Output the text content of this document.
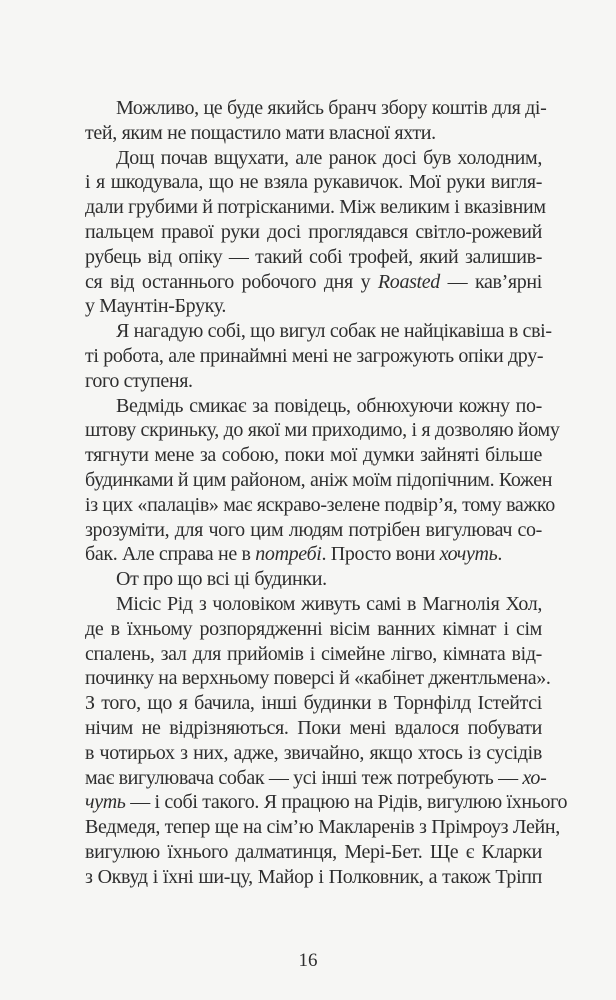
Можливо, це буде якийсь бранч збору коштів для ді-
тей, яким не пощастило мати власної яхти.
Дощ почав вщухати, але ранок досі був холодним,
і я шкодувала, що не взяла рукавичок. Мої руки вигля-
дали грубими й потрісканими. Між великим і вказівним
пальцем правої руки досі проглядався світло-рожевий
рубець від опіку — такий собі трофей, який залишив-
ся від останнього робочого дня у Roasted — кав’ярні
у Маунтін-Бруку.
Я нагадую собі, що вигул собак не найцікавіша в сві-
ті робота, але принаймні мені не загрожують опіки дру-
гого ступеня.
Ведмідь смикає за повідець, обнюхуючи кожну по-
штову скриньку, до якої ми приходимо, і я дозволяю йому
тягнути мене за собою, поки мої думки зайняті більше
будинками й цим районом, аніж моїм підопічним. Кожен
із цих «палаців» має яскраво-зелене подвір’я, тому важко
зрозуміти, для чого цим людям потрібен вигулювач со-
бак. Але справа не в потребі. Просто вони хочуть.
От про що всі ці будинки.
Місіс Рід з чоловіком живуть самі в Магнолія Хол,
де в їхньому розпорядженні вісім ванних кімнат і сім
спалень, зал для прийомів і сімейне лігво, кімната від-
починку на верхньому поверсі й «кабінет джентльмена».
З того, що я бачила, інші будинки в Торнфілд Істейтсі
нічим не відрізняються. Поки мені вдалося побувати
в чотирьох з них, адже, звичайно, якщо хтось із сусідів
має вигулювача собак — усі інші теж потребують — хо-
чуть — і собі такого. Я працюю на Рідів, вигулюю їхнього
Ведмедя, тепер ще на сім’ю Макларенів з Прімроуз Лейн,
вигулюю їхнього далматинця, Мері-Бет. Ще є Кларки
з Оквуд і їхні ши-цу, Майор і Полковник, а також Тріпп
16
